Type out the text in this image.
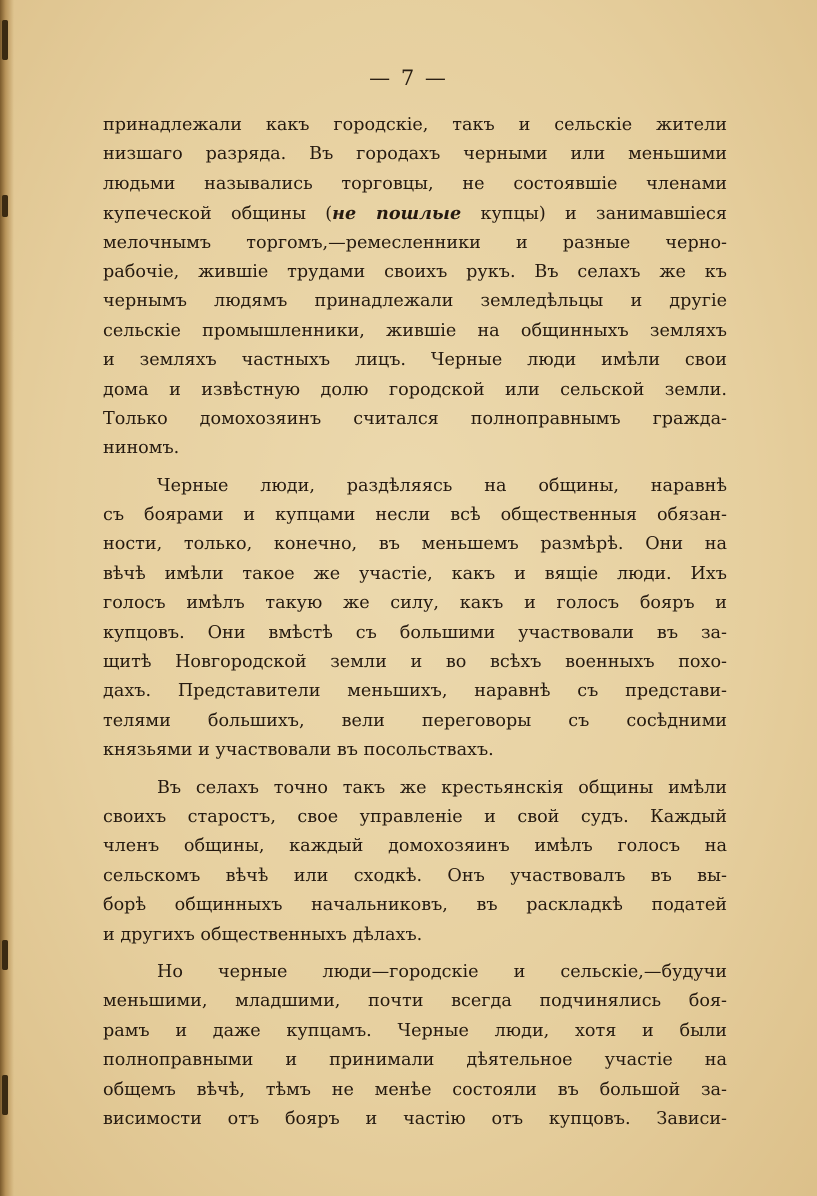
— 7 —
принадлежали какъ городскіе, такъ и сельскіе жители
низшаго разряда. Въ городахъ черными или меньшими
людьми назывались торговцы, не состоявшіе членами
купеческой общины (не пошлые купцы) и занимавшіеся
мелочнымъ торгомъ,—ремесленники и разные черно-
рабочіе, жившіе трудами своихъ рукъ. Въ селахъ же къ
чернымъ людямъ принадлежали земледѣльцы и другіе
сельскіе промышленники, жившіе на общинныхъ земляхъ
и земляхъ частныхъ лицъ. Черные люди имѣли свои
дома и извѣстную долю городской или сельской земли.
Только домохозяинъ считался полноправнымъ гражда-
ниномъ.
Черные люди, раздѣляясь на общины, наравнѣ
съ боярами и купцами несли всѣ общественныя обязан-
ности, только, конечно, въ меньшемъ размѣрѣ. Они на
вѣчѣ имѣли такое же участіе, какъ и вящіе люди. Ихъ
голосъ имѣлъ такую же силу, какъ и голосъ бояръ и
купцовъ. Они вмѣстѣ съ большими участвовали въ за-
щитѣ Новгородской земли и во всѣхъ военныхъ похо-
дахъ. Представители меньшихъ, наравнѣ съ представи-
телями большихъ, вели переговоры съ сосѣдними
князьями и участвовали въ посольствахъ.
Въ селахъ точно такъ же крестьянскія общины имѣли
своихъ старостъ, свое управленіе и свой судъ. Каждый
членъ общины, каждый домохозяинъ имѣлъ голосъ на
сельскомъ вѣчѣ или сходкѣ. Онъ участвовалъ въ вы-
борѣ общинныхъ начальниковъ, въ раскладкѣ податей
и другихъ общественныхъ дѣлахъ.
Но черные люди—городскіе и сельскіе,—будучи
меньшими, младшими, почти всегда подчинялись боя-
рамъ и даже купцамъ. Черные люди, хотя и были
полноправными и принимали дѣятельное участіе на
общемъ вѣчѣ, тѣмъ не менѣе состояли въ большой за-
висимости отъ бояръ и частію отъ купцовъ. Зависи-
